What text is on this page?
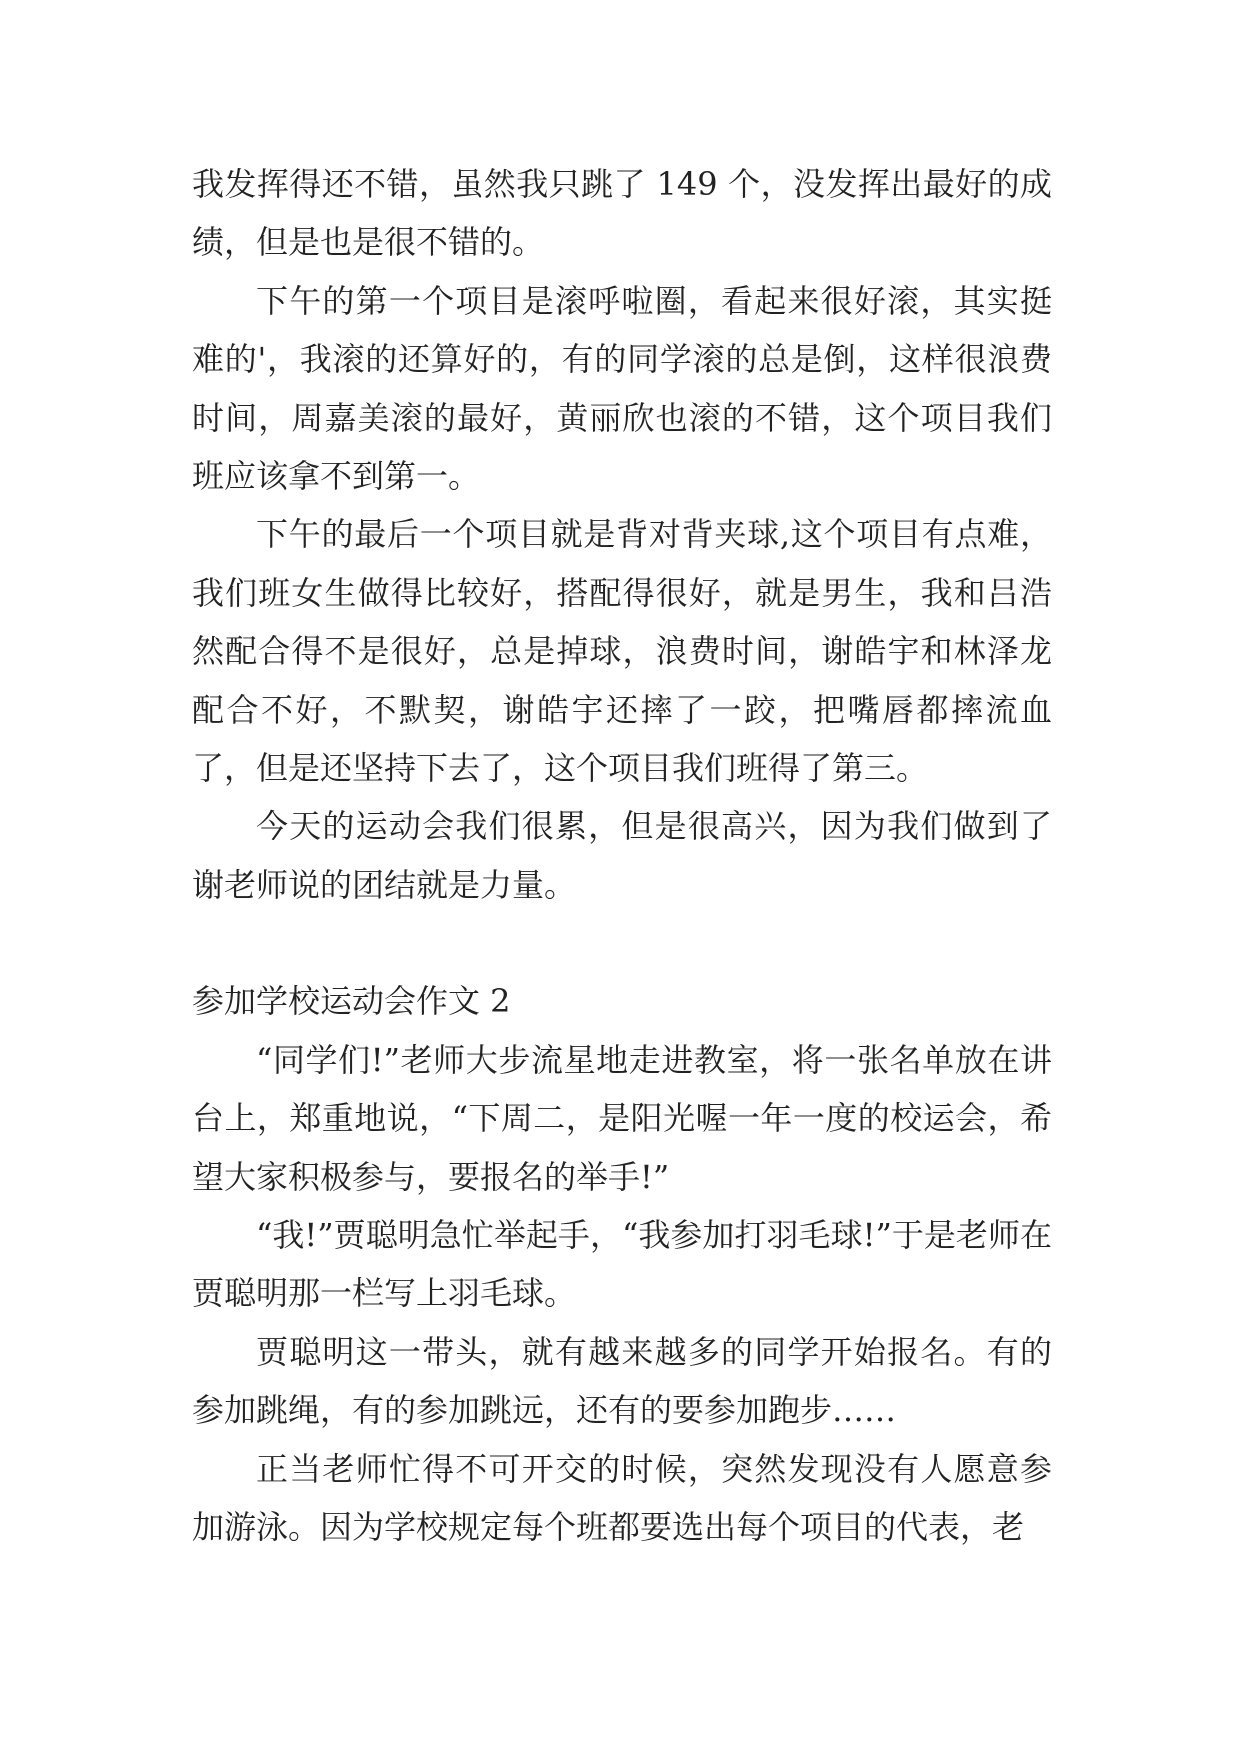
我发挥得还不错，虽然我只跳了 149 个，没发挥出最好的成绩，但是也是很不错的。

下午的第一个项目是滚呼啦圈，看起来很好滚，其实挺难的'，我滚的还算好的，有的同学滚的总是倒，这样很浪费时间，周嘉美滚的最好，黄丽欣也滚的不错，这个项目我们班应该拿不到第一。

下午的最后一个项目就是背对背夹球,这个项目有点难，我们班女生做得比较好，搭配得很好，就是男生，我和吕浩然配合得不是很好，总是掉球，浪费时间，谢皓宇和林泽龙配合不好，不默契，谢皓宇还摔了一跤，把嘴唇都摔流血了，但是还坚持下去了，这个项目我们班得了第三。

今天的运动会我们很累，但是很高兴，因为我们做到了谢老师说的团结就是力量。

参加学校运动会作文 2

“同学们!”老师大步流星地走进教室，将一张名单放在讲台上，郑重地说，“下周二，是阳光喔一年一度的校运会，希望大家积极参与，要报名的举手!”

“我!”贾聪明急忙举起手，“我参加打羽毛球!”于是老师在贾聪明那一栏写上羽毛球。

贾聪明这一带头，就有越来越多的同学开始报名。有的参加跳绳，有的参加跳远，还有的要参加跑步……

正当老师忙得不可开交的时候，突然发现没有人愿意参加游泳。因为学校规定每个班都要选出每个项目的代表，老
